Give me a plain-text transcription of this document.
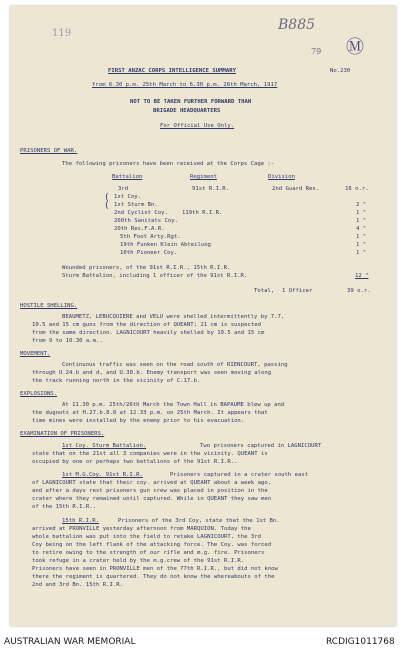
119
B885
79 Ⓜ
FIRST ANZAC CORPS INTELLIGENCE SUMMARY	No.230
from 6.30 p.m. 25th March to 6.30 p.m. 26th March, 1917
NOT TO BE TAKEN FURTHER FORWARD THAN
BRIGADE HEADQUARTERS
For Official Use Only.
PRISONERS OF WAR.
The following prisoners have been received at the Corps Cage :-
Battalion	Regiment	Division
3rd	91st R.I.R.	2nd Guard Res.	16 o.r.
( 1st Coy.
( 1st Sturm Bn.	2 "
2nd Cyclist Coy.	119th R.I.R.	1 "
260th Sanitats Coy.	1 "
20th Res.F.A.R.	4 "
5th Foot Arty.Rgt.	1 "
19th Funken Klein Abteilung	1 "
10th Pioneer Coy.	1 "
Wounded prisoners, of the 91st R.I.R., 15th R.I.R.
Sturm Battalion, including 1 officer of the 91st R.I.R.	12 "
Total, 1 Officer	39 o.r.
HOSTILE SHELLING.
BEAUMETZ, LEBUCQUIERE and VELU were shelled intermittently by 7.7,
10.5 and 15 cm guns from the direction of QUEANT; 21 cm is suspected
from the same direction. LAGNICOURT heavily shelled by 10.5 and 15 cm
from 9 to 10.30 a.m..
MOVEMENT.
Continuous traffic was seen on the road south of RIENCOURT, passing
through U.24.b and d, and U.30.b. Enemy transport was seen moving along
the track running north in the vicinity of C.17.b.
EXPLOSIONS.
At 11.30 p.m. 25th/26th March the Town Hall in BAPAUME blew up and
the dugouts at H.27.b.8.8 at 12.33 p.m. on 25th March. It appears that
time mines were installed by the enemy prior to his evacuation.
EXAMINATION OF PRISONERS.
1st Coy. Sturm Battalion.	Two prisoners captured in LAGNICOURT
state that on the 21st all 3 companies were in the vicinity. QUEANT is
occupied by one or perhaps two battalions of the 91st R.I.R..
1st M.G.Coy. 91st R.I.R.	Prisoners captured in a crater south east
of LAGNICOURT state that their coy. arrived at QUEANT about a week ago,
and after a days rest prisoners gun crew was placed in position in the
crater where they remained until captured. While in QUEANT they saw men
of the 15th R.I.R..
15th R.I.R.	Prisoners of the 3rd Coy, state that the 1st Bn.
arrived at PRONVILLE yesterday afternoon from MARQUION. Today the
whole battalion was put into the field to retake LAGNICOURT, the 3rd
Coy being on the left flank of the attacking force. The Coy. was forced
to retire owing to the strength of our rifle and m.g. fire. Prisoners
took refuge in a crater held by the m.g.crew of the 91st R.I.R.
Prisoners have seen in PRONVILLE men of the 77th R.I.R., but did not know
there the regiment is quartered. They do not know the whereabouts of the
2nd and 3rd Bn. 15th R.I.R.
AUSTRALIAN WAR MEMORIAL	RCDIG1011768
